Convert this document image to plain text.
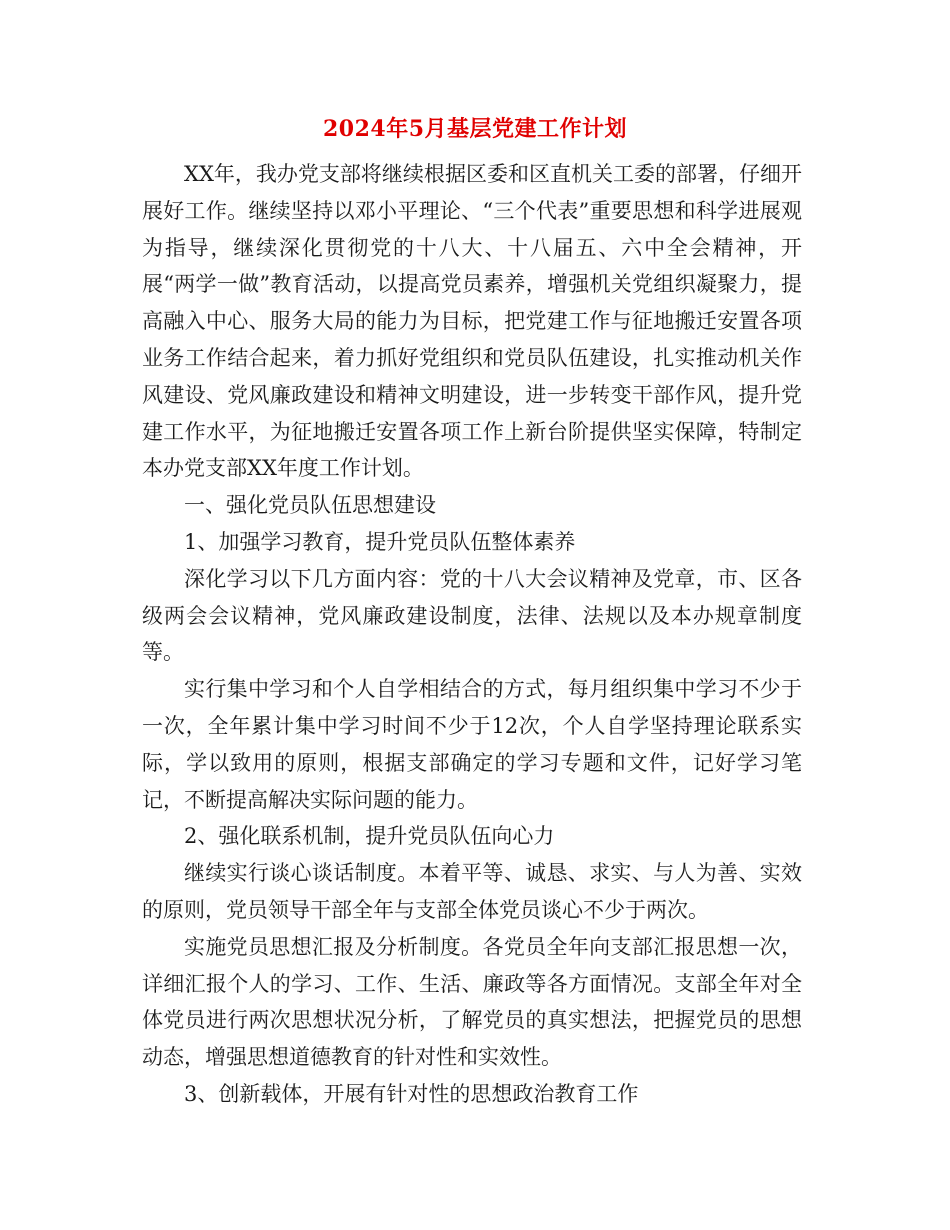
2024年5月基层党建工作计划

XX年，我办党支部将继续根据区委和区直机关工委的部署，仔细开展好工作。继续坚持以邓小平理论、“三个代表”重要思想和科学进展观为指导，继续深化贯彻党的十八大、十八届五、六中全会精神，开展“两学一做”教育活动，以提高党员素养，增强机关党组织凝聚力，提高融入中心、服务大局的能力为目标，把党建工作与征地搬迁安置各项业务工作结合起来，着力抓好党组织和党员队伍建设，扎实推动机关作风建设、党风廉政建设和精神文明建设，进一步转变干部作风，提升党建工作水平，为征地搬迁安置各项工作上新台阶提供坚实保障，特制定本办党支部XX年度工作计划。

一、强化党员队伍思想建设

1、加强学习教育，提升党员队伍整体素养

深化学习以下几方面内容：党的十八大会议精神及党章，市、区各级两会会议精神，党风廉政建设制度，法律、法规以及本办规章制度等。

实行集中学习和个人自学相结合的方式，每月组织集中学习不少于一次，全年累计集中学习时间不少于12次，个人自学坚持理论联系实际，学以致用的原则，根据支部确定的学习专题和文件，记好学习笔记，不断提高解决实际问题的能力。

2、强化联系机制，提升党员队伍向心力

继续实行谈心谈话制度。本着平等、诚恳、求实、与人为善、实效的原则，党员领导干部全年与支部全体党员谈心不少于两次。

实施党员思想汇报及分析制度。各党员全年向支部汇报思想一次，详细汇报个人的学习、工作、生活、廉政等各方面情况。支部全年对全体党员进行两次思想状况分析，了解党员的真实想法，把握党员的思想动态，增强思想道德教育的针对性和实效性。

3、创新载体，开展有针对性的思想政治教育工作
